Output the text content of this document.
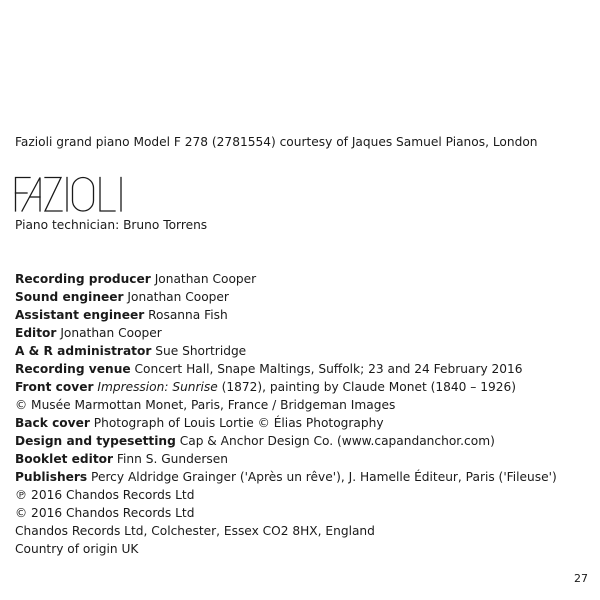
Fazioli grand piano Model F 278 (2781554) courtesy of Jaques Samuel Pianos, London
Piano technician: Bruno Torrens
Recording producer Jonathan Cooper
Sound engineer Jonathan Cooper
Assistant engineer Rosanna Fish
Editor Jonathan Cooper
A & R administrator Sue Shortridge
Recording venue Concert Hall, Snape Maltings, Suffolk; 23 and 24 February 2016
Front cover Impression: Sunrise (1872), painting by Claude Monet (1840 – 1926)
© Musée Marmottan Monet, Paris, France / Bridgeman Images
Back cover Photograph of Louis Lortie © Élias Photography
Design and typesetting Cap & Anchor Design Co. (www.capandanchor.com)
Booklet editor Finn S. Gundersen
Publishers Percy Aldridge Grainger ('Après un rêve'), J. Hamelle Éditeur, Paris ('Fileuse')
℗ 2016 Chandos Records Ltd
© 2016 Chandos Records Ltd
Chandos Records Ltd, Colchester, Essex CO2 8HX, England
Country of origin UK
27
